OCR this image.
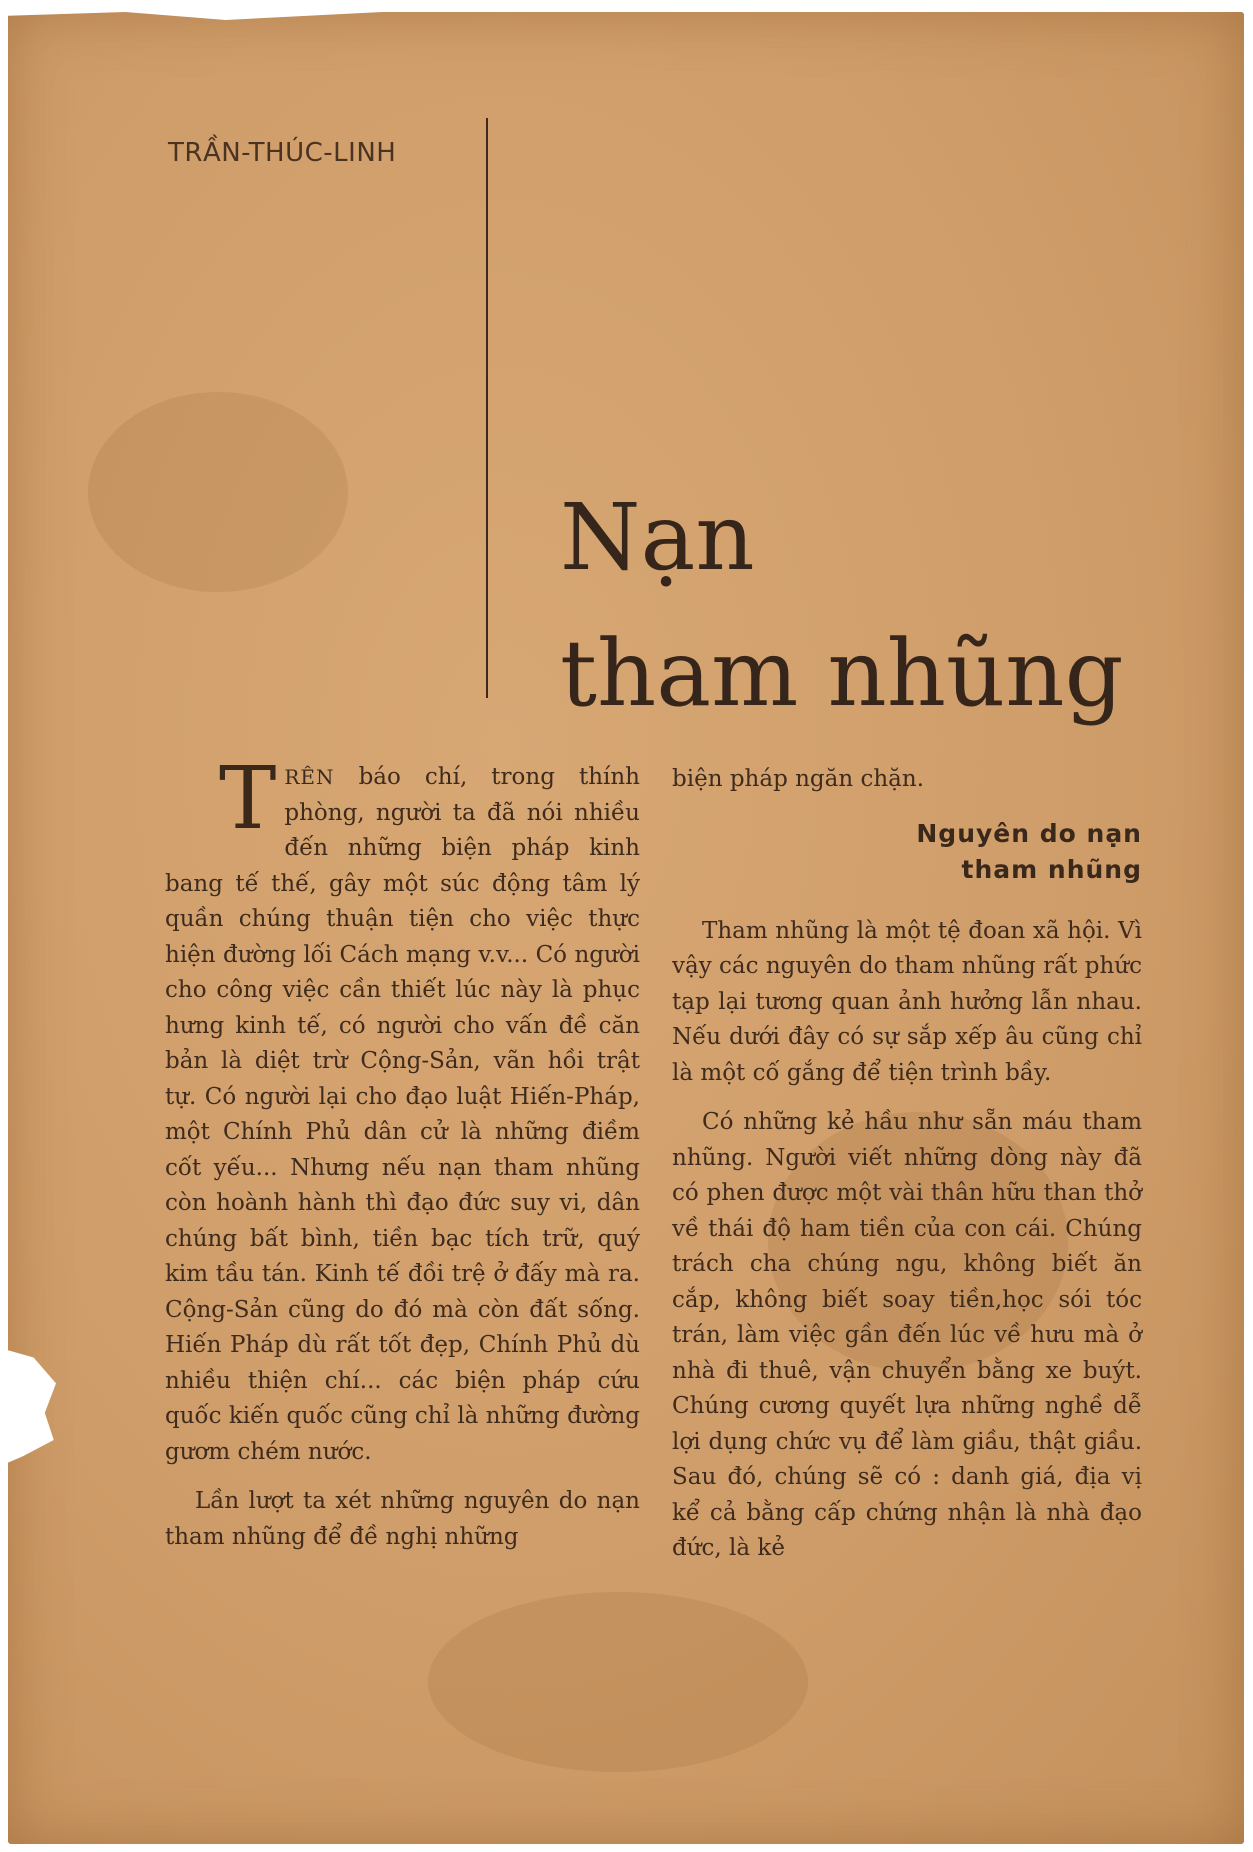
TRẦN-THÚC-LINH
Nạn
tham nhũng

TRÊN báo chí, trong thính phòng, người ta đã nói nhiều đến những biện pháp kinh bang tế thế, gây một súc động tâm lý quần chúng thuận tiện cho việc thực hiện đường lối Cách mạng v.v... Có người cho công việc cần thiết lúc này là phục hưng kinh tế, có người cho vấn đề căn bản là diệt trừ Cộng-Sản, vãn hồi trật tự. Có người lại cho đạo luật Hiến-Pháp, một Chính Phủ dân cử là những điềm cốt yếu... Nhưng nếu nạn tham nhũng còn hoành hành thì đạo đức suy vi, dân chúng bất bình, tiền bạc tích trữ, quý kim tầu tán. Kinh tế đồi trệ ở đấy mà ra. Cộng-Sản cũng do đó mà còn đất sống. Hiến Pháp dù rất tốt đẹp, Chính Phủ dù nhiều thiện chí... các biện pháp cứu quốc kiến quốc cũng chỉ là những đường gươm chém nước.

Lần lượt ta xét những nguyên do nạn tham nhũng để đề nghị những

biện pháp ngăn chặn.

Nguyên do nạn
tham nhũng

Tham nhũng là một tệ đoan xã hội. Vì vậy các nguyên do tham nhũng rất phức tạp lại tương quan ảnh hưởng lẫn nhau. Nếu dưới đây có sự sắp xếp âu cũng chỉ là một cố gắng để tiện trình bầy.

Có những kẻ hầu như sẵn máu tham nhũng. Người viết những dòng này đã có phen được một vài thân hữu than thở về thái độ ham tiền của con cái. Chúng trách cha chúng ngu, không biết ăn cắp, không biết soay tiền,học sói tóc trán, làm việc gần đến lúc về hưu mà ở nhà đi thuê, vận chuyển bằng xe buýt. Chúng cương quyết lựa những nghề dễ lợi dụng chức vụ để làm giầu, thật giầu. Sau đó, chúng sẽ có : danh giá, địa vị kể cả bằng cấp chứng nhận là nhà đạo đức, là kẻ
